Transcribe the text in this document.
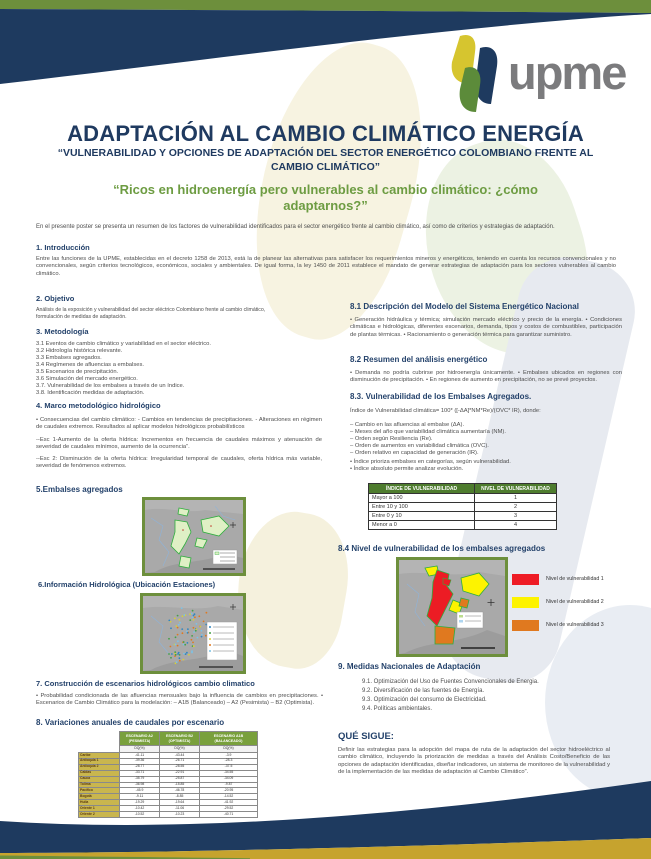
upme
ADAPTACIÓN AL CAMBIO CLIMÁTICO ENERGÍA
“VULNERABILIDAD Y OPCIONES DE ADAPTACIÓN DEL SECTOR ENERGÉTICO COLOMBIANO FRENTE AL CAMBIO CLIMÁTICO”
“Ricos en hidroenergía pero vulnerables al cambio climático: ¿cómo adaptarnos?”

En el presente poster se presenta un resumen de los factores de vulnerabilidad identificados para el sector energético frente al cambio climático, así como de criterios y estrategias de adaptación.

1. Introducción
Entre las funciones de la UPME, establecidas en el decreto 1258 de 2013, está la de planear las alternativas para satisfacer los requerimientos mineros y energéticos, teniendo en cuenta los recursos convencionales y no convencionales, según criterios tecnológicos, económicos, sociales y ambientales. De igual forma, la ley 1450 de 2011 establece el mandato de generar estrategias de adaptación para los sectores vulnerables al cambio climático.
2. Objetivo
Análisis de la exposición y vulnerabilidad del sector eléctrico Colombiano frente al cambio climático, formulación de medidas de adaptación.
3. Metodología
3.1 Eventos de cambio climático y variabilidad en el sector eléctrico.
3.2 Hidrología histórica relevante.
3.3 Embalses agregados.
3.4 Regímenes de afluencias a embalses.
3.5 Escenarios de precipitación.
3.6 Simulación del mercado energético.
3.7. Vulnerabilidad de los embalses a través de un índice.
3.8. Identificación medidas de adaptación.
4. Marco metodológico hidrológico
• Consecuencias del cambio climático: - Cambios en tendencias de precipitaciones. - Alteraciones en régimen de caudales extremos. Resultados al aplicar modelos hidrológicos probabilísticos
--Esc 1-Aumento de la oferta hídrica: Incrementos en frecuencia de caudales máximos y atenuación de severidad de caudales mínimos, aumento de la ocurrencia”.
--Esc 2: Disminución de la oferta hídrica: Irregularidad temporal de caudales, oferta hídrica más variable, severidad de fenómenos extremos.
5.Embalses agregados
6.Información Hidrológica (Ubicación Estaciones)
7. Construcción de escenarios hidrológicos cambio climatico
• Probabilidad condicionada de las afluencias mensuales bajo la influencia de cambios en precipitaciones. • Escenarios de Cambio Climático para la modelación: – A1B (Balanceado) – A2 (Pesimista) – B2 (Optimista).
8. Variaciones anuales de caudales por escenario
	ESCENARIO A2 (PESIMISTA)	ESCENARIO B2 (OPTIMISTA)	ESCENARIO A1B (BALANCEADO)
	DQ(%)	DQ(%)	DQ(%)
Caribe	-41.11	-43.44	-3.9
Antioquia 1	-39.36	-26.71	-28.3
Antioquia 2	-28.77	-28.55	-37.5
Caldas	-33.71	-22.91	-34.55
Cauca	-35.79	-25.87	-34.09
Tolima	-36.98	-15.85	-9.87
Pacífico	-45.9	-46.78	-20.95
Bogotá	-9.11	-8.85	-14.52
Huila	-19.29	-19.64	-41.92
Oriente 1	-10.42	-11.06	-29.52
Oriente 2	-10.52	-10.23	-40.71
8.1 Descripción del Modelo del Sistema Energético Nacional
• Generación hidráulica y térmica; simulación mercado eléctrico y precio de la energía. • Condiciones climáticas e hidrológicas, diferentes escenarios, demanda, tipos y costos de combustibles, participación de plantas térmicas. • Racionamiento o generación térmica para garantizar suministro.
8.2 Resumen del análisis energético
• Demanda no podría cubrirse por hidroenergía únicamente. • Embalses ubicados en regiones con disminución de precipitación. • En regiones de aumento en precipitación, no se prevé proyectos.
8.3. Vulnerabilidad de los Embalses Agregados.
Índice de Vulnerabilidad climática= 100* ([-ΔA]*NM*Re)/(OVC* IR), donde:
– Cambio en las afluencias al embalse (ΔA).
– Meses del año que variabilidad climática aumentaría (NM).
– Orden según Resiliencia (Re).
– Orden de aumentos en variabilidad climática (OVC).
– Orden relativo en capacidad de generación (IR).
• Índice prioriza embalses en categorías, según vulnerabilidad.
• Índice absoluto permite analizar evolución.
ÍNDICE DE VULNERABILIDAD	NIVEL DE VULNERABILIDAD
Mayor a 100	1
Entre 10 y 100	2
Entre 0 y 10	3
Menor a 0	4
8.4 Nivel de vulnerabilidad de los embalses agregados
Nivel de vulnerabilidad 1
Nivel de vulnerabilidad 2
Nivel de vulnerabilidad 3
9. Medidas Nacionales de Adaptación
9.1. Optimización del Uso de Fuentes Convencionales de Energia.
9.2. Diversificación de las fuentes de Energía.
9.3. Optimización del consumo de Electricidad.
9.4. Políticas ambientales.
QUÉ SIGUE:
Definir las estrategias para la adopción del mapa de ruta de la adaptación del sector hidroeléctrico al cambio climático, incluyendo la priorización de medidas a través del Análisis Costo/Beneficio de las opciones de adaptación identificadas, diseñar indicadores, un sistema de monitoreo de la vulnerabilidad y de la implementación de las medidas de adaptación al Cambio Climático”.
